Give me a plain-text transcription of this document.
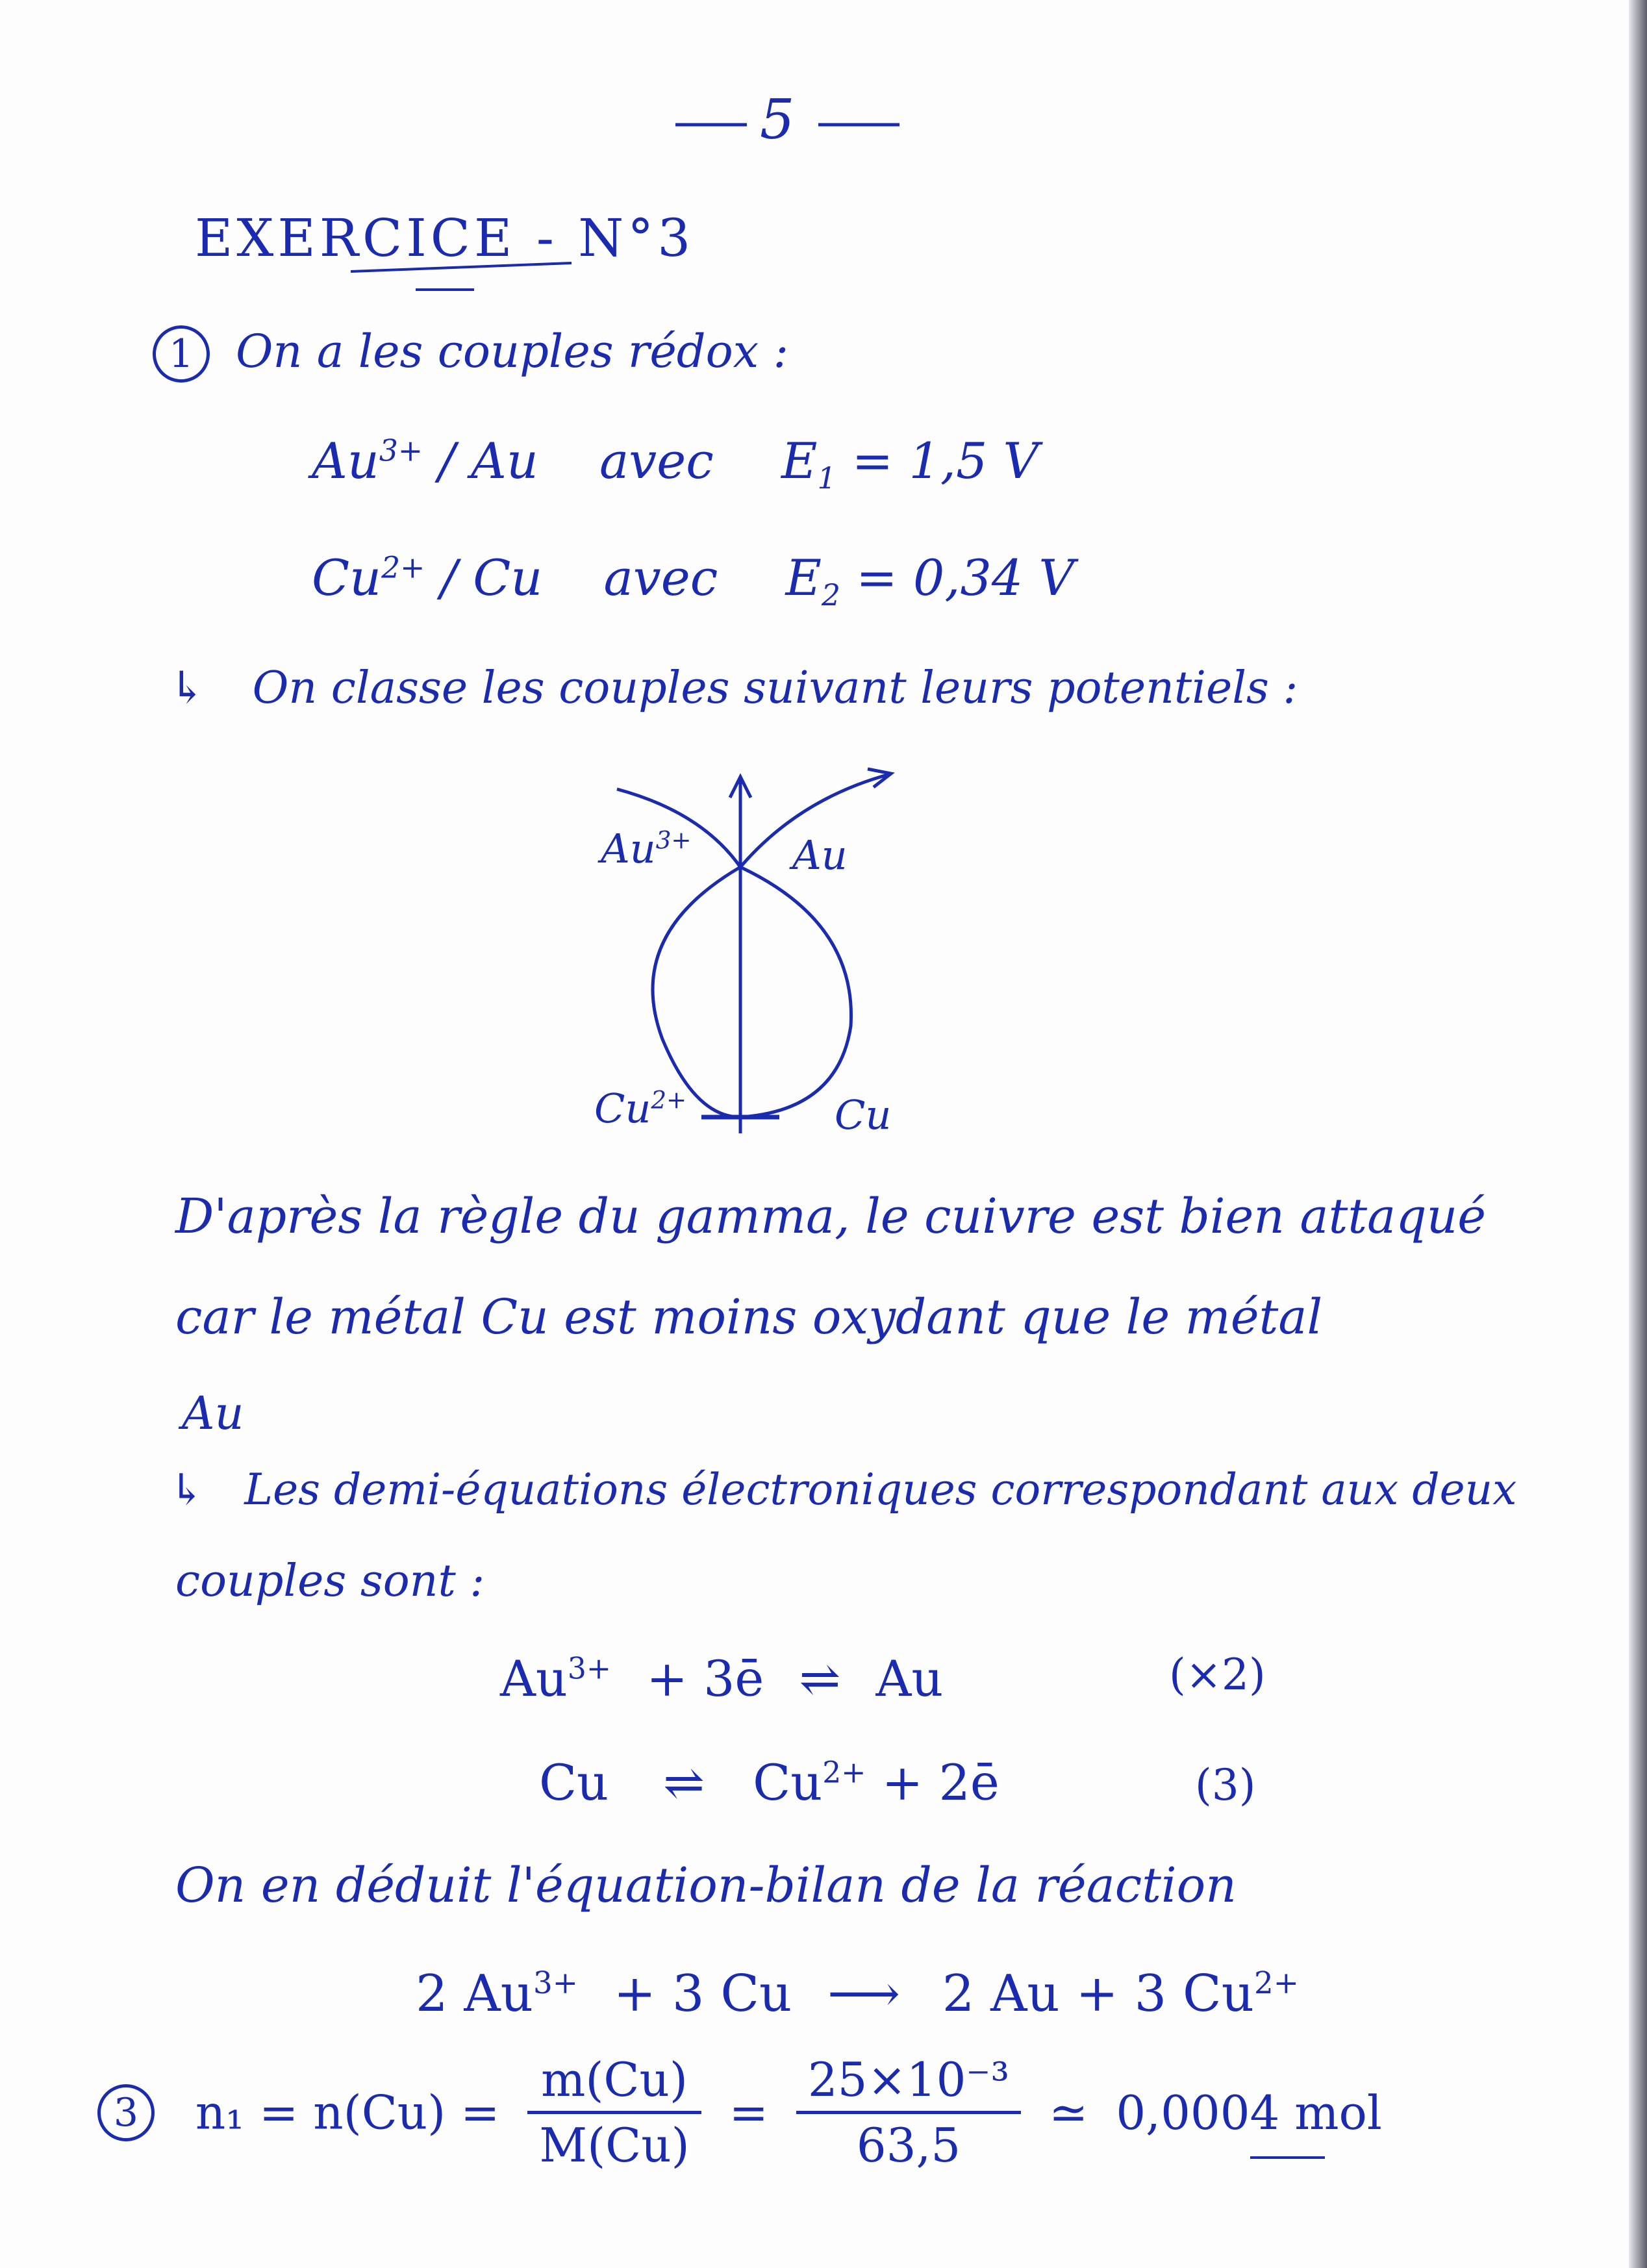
5
EXERCICE - N°3
1 On a les couples rédox :
$Au^{3+}$ / Au avec $E_1 = 1,5$ V
$Cu^{2+}$ / Cu avec $E_2 = 0,34$ V
↳ On classe les couples suivant leurs potentiels :
$Au^{3+}$	Au
$Cu^{2+}$	Cu
D'après la règle du gamma, le cuivre est bien attaqué
car le métal Cu est moins oxydant que le métal
Au
↳ Les demi-équations électroniques correspondant aux deux
couples sont :
$Au^{3+}$ + 3ē ⇌ Au	(×2)
Cu ⇌ $Cu^{2+}$ + 2ē	(3)
On en déduit l'équation-bilan de la réaction
2 $Au^{3+} + 3$ Cu ⟶ 2 Au + 3 $Cu^{2+}$
3 $n_1 = n(Cu) = \frac{m(Cu)}{M(Cu)} = \frac{\text{25×10⁻³}}{63,5}$ ≃ 0,0004 mol
